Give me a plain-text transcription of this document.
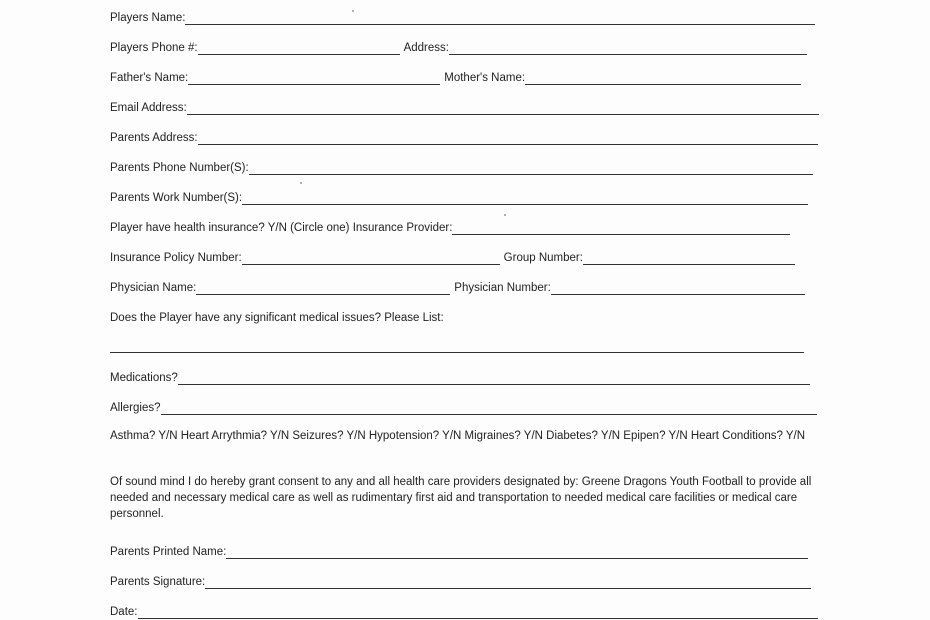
Players Name:
Players Phone #:	Address:
Father's Name:	Mother's Name:
Email Address:
Parents Address:
Parents Phone Number(S):
Parents Work Number(S):
Player have health insurance? Y/N (Circle one) Insurance Provider:
Insurance Policy Number:	Group Number:
Physician Name:	Physician Number:
Does the Player have any significant medical issues? Please List:
Medications?
Allergies?
Asthma? Y/N Heart Arrythmia? Y/N Seizures? Y/N Hypotension? Y/N Migraines? Y/N Diabetes? Y/N Epipen? Y/N Heart Conditions? Y/N
Of sound mind I do hereby grant consent to any and all health care providers designated by: Greene Dragons Youth Football to provide all needed and necessary medical care as well as rudimentary first aid and transportation to needed medical care facilities or medical care personnel.
Parents Printed Name:
Parents Signature:
Date:
